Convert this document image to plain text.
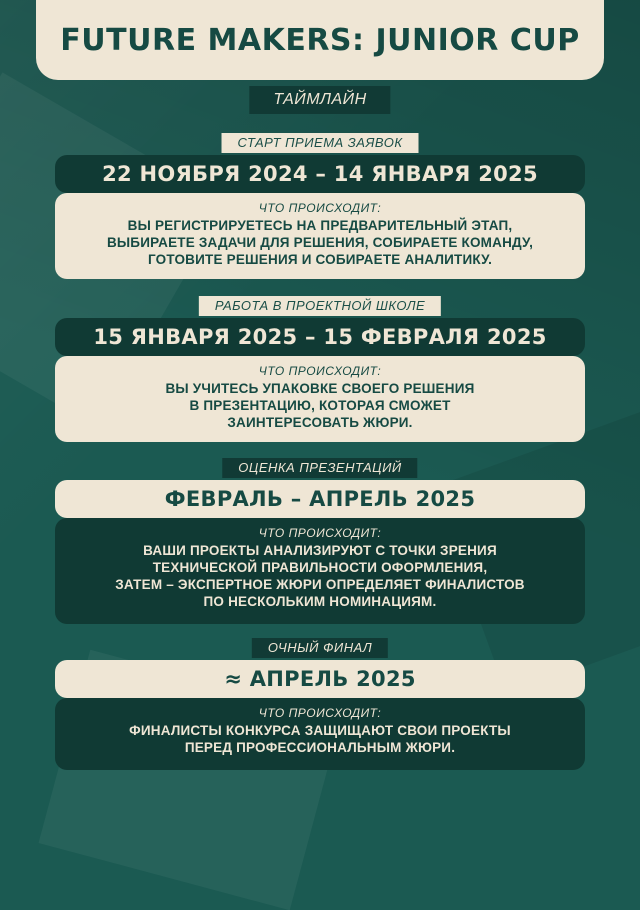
FUTURE MAKERS: JUNIOR CUP
ТАЙМЛАЙН
СТАРТ ПРИЕМА ЗАЯВОК
22 НОЯБРЯ 2024 – 14 ЯНВАРЯ 2025
ЧТО ПРОИСХОДИТ:
ВЫ РЕГИСТРИРУЕТЕСЬ НА ПРЕДВАРИТЕЛЬНЫЙ ЭТАП,
ВЫБИРАЕТЕ ЗАДАЧИ ДЛЯ РЕШЕНИЯ, СОБИРАЕТЕ КОМАНДУ,
ГОТОВИТЕ РЕШЕНИЯ И СОБИРАЕТЕ АНАЛИТИКУ.
РАБОТА В ПРОЕКТНОЙ ШКОЛЕ
15 ЯНВАРЯ 2025 – 15 ФЕВРАЛЯ 2025
ЧТО ПРОИСХОДИТ:
ВЫ УЧИТЕСЬ УПАКОВКЕ СВОЕГО РЕШЕНИЯ
В ПРЕЗЕНТАЦИЮ, КОТОРАЯ СМОЖЕТ
ЗАИНТЕРЕСОВАТЬ ЖЮРИ.
ОЦЕНКА ПРЕЗЕНТАЦИЙ
ФЕВРАЛЬ – АПРЕЛЬ 2025
ЧТО ПРОИСХОДИТ:
ВАШИ ПРОЕКТЫ АНАЛИЗИРУЮТ С ТОЧКИ ЗРЕНИЯ
ТЕХНИЧЕСКОЙ ПРАВИЛЬНОСТИ ОФОРМЛЕНИЯ,
ЗАТЕМ – ЭКСПЕРТНОЕ ЖЮРИ ОПРЕДЕЛЯЕТ ФИНАЛИСТОВ
ПО НЕСКОЛЬКИМ НОМИНАЦИЯМ.
ОЧНЫЙ ФИНАЛ
≈ АПРЕЛЬ 2025
ЧТО ПРОИСХОДИТ:
ФИНАЛИСТЫ КОНКУРСА ЗАЩИЩАЮТ СВОИ ПРОЕКТЫ
ПЕРЕД ПРОФЕССИОНАЛЬНЫМ ЖЮРИ.
